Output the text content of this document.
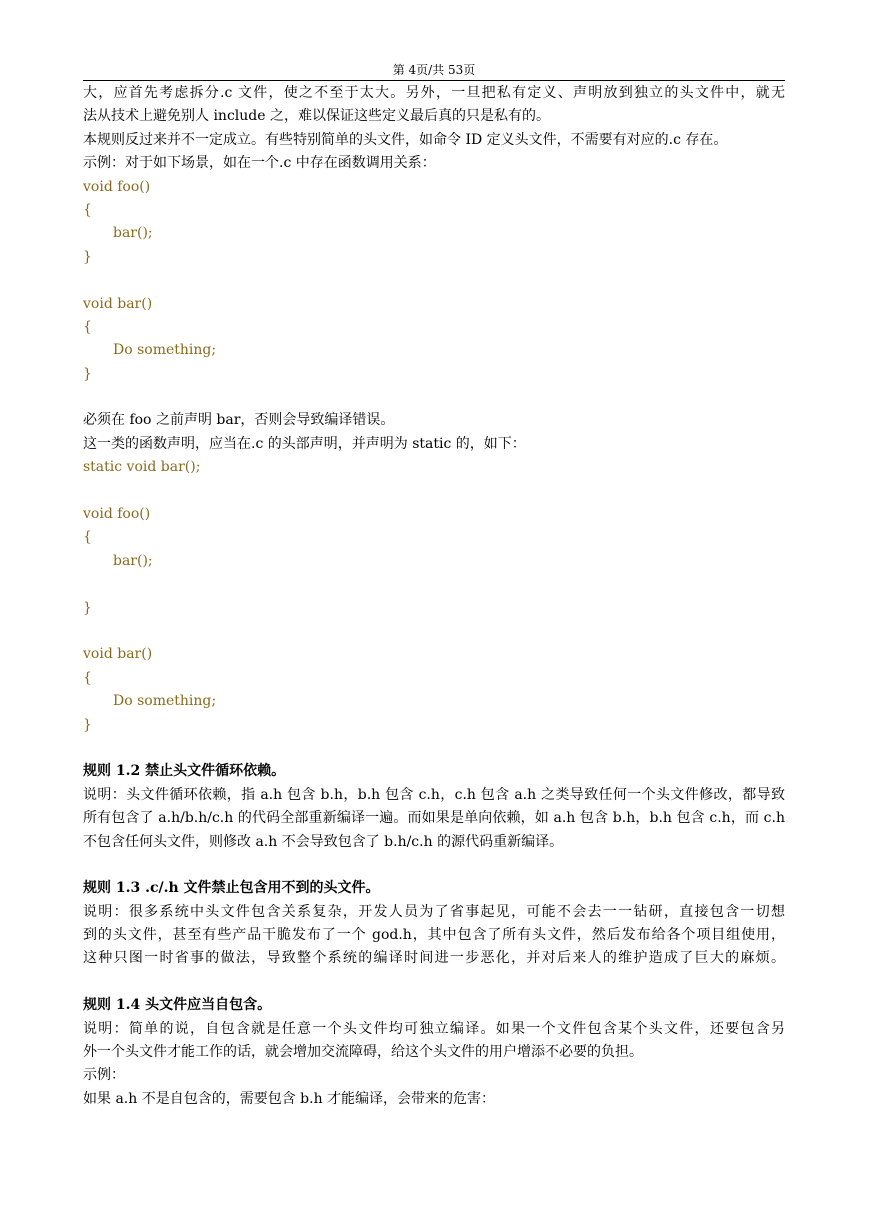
第 4页/共 53页
大，应首先考虑拆分.c 文件，使之不至于太大。另外，一旦把私有定义、声明放到独立的头文件中，就无
法从技术上避免别人 include 之，难以保证这些定义最后真的只是私有的。
本规则反过来并不一定成立。有些特别简单的头文件，如命令 ID 定义头文件，不需要有对应的.c 存在。
示例：对于如下场景，如在一个.c 中存在函数调用关系：
void foo()
{
bar();
}
void bar()
{
Do something;
}
必须在 foo 之前声明 bar，否则会导致编译错误。
这一类的函数声明，应当在.c 的头部声明，并声明为 static 的，如下：
static void bar();
void foo()
{
bar();
}
void bar()
{
Do something;
}
规则 1.2 禁止头文件循环依赖。
说明：头文件循环依赖，指 a.h 包含 b.h，b.h 包含 c.h，c.h 包含 a.h 之类导致任何一个头文件修改，都导致
所有包含了 a.h/b.h/c.h 的代码全部重新编译一遍。而如果是单向依赖，如 a.h 包含 b.h，b.h 包含 c.h，而 c.h
不包含任何头文件，则修改 a.h 不会导致包含了 b.h/c.h 的源代码重新编译。
规则 1.3 .c/.h 文件禁止包含用不到的头文件。
说明：很多系统中头文件包含关系复杂，开发人员为了省事起见，可能不会去一一钻研，直接包含一切想
到的头文件，甚至有些产品干脆发布了一个 god.h，其中包含了所有头文件，然后发布给各个项目组使用，
这种只图一时省事的做法，导致整个系统的编译时间进一步恶化，并对后来人的维护造成了巨大的麻烦。
规则 1.4 头文件应当自包含。
说明：简单的说，自包含就是任意一个头文件均可独立编译。如果一个文件包含某个头文件，还要包含另
外一个头文件才能工作的话，就会增加交流障碍，给这个头文件的用户增添不必要的负担。
示例：
如果 a.h 不是自包含的，需要包含 b.h 才能编译，会带来的危害：
